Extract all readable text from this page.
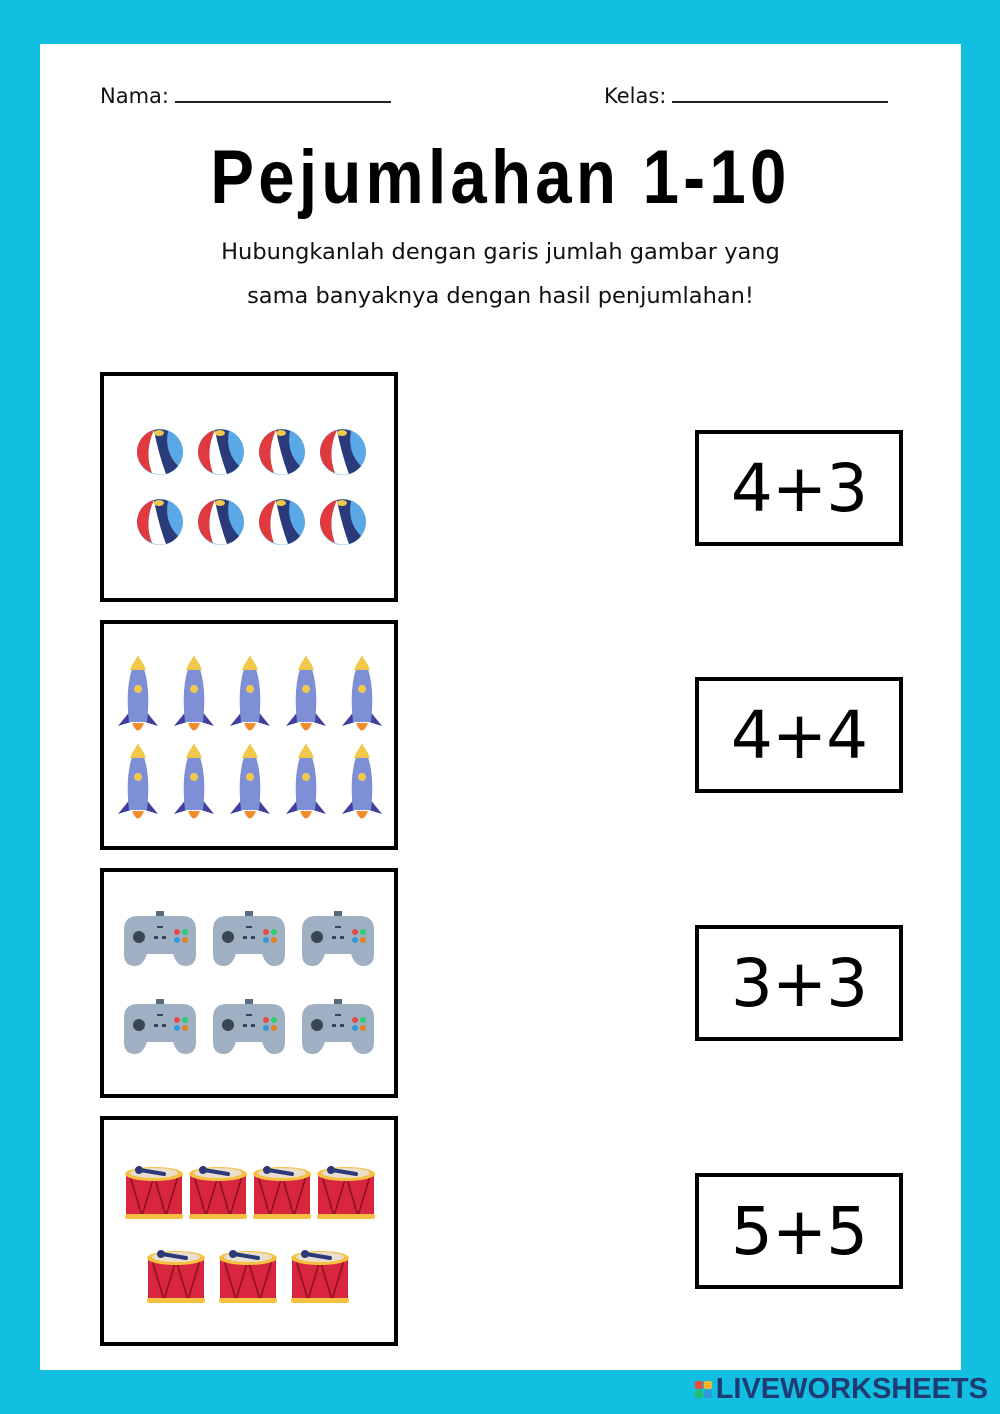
Nama:	Kelas:
Pejumlahan 1-10
Hubungkanlah dengan garis jumlah gambar yang
sama banyaknya dengan hasil penjumlahan!
4+3
4+4
3+3
5+5
LIVEWORKSHEETS
